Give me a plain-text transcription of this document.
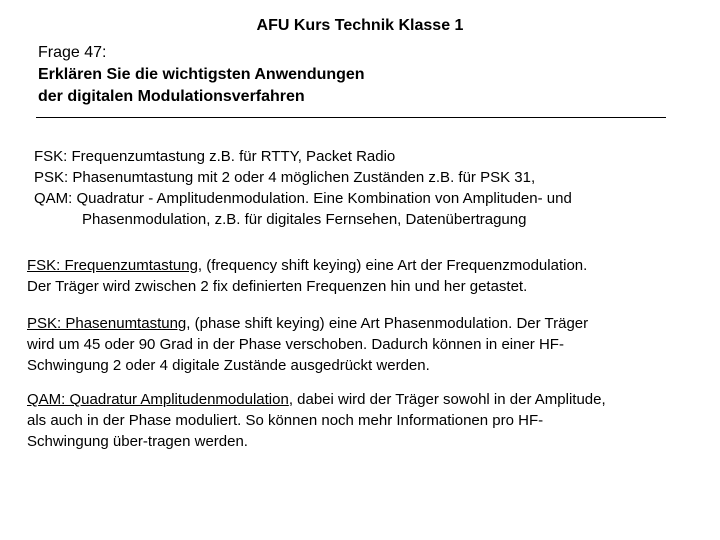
AFU Kurs Technik Klasse 1
Frage 47:
Erklären Sie die wichtigsten Anwendungen
der digitalen Modulationsverfahren
FSK: Frequenzumtastung z.B. für RTTY, Packet Radio
PSK: Phasenumtastung mit 2 oder 4 möglichen Zuständen z.B. für PSK 31,
QAM: Quadratur - Amplitudenmodulation. Eine Kombination von Amplituden- und
Phasenmodulation, z.B. für digitales Fernsehen, Datenübertragung
FSK: Frequenzumtastung, (frequency shift keying) eine Art der Frequenzmodulation.
Der Träger wird zwischen 2 fix definierten Frequenzen hin und her getastet.
PSK: Phasenumtastung, (phase shift keying) eine Art Phasenmodulation. Der Träger
wird um 45 oder 90 Grad in der Phase verschoben. Dadurch können in einer HF-
Schwingung 2 oder 4 digitale Zustände ausgedrückt werden.
QAM: Quadratur Amplitudenmodulation, dabei wird der Träger sowohl in der Amplitude,
als auch in der Phase moduliert. So können noch mehr Informationen pro HF-
Schwingung über-tragen werden.
